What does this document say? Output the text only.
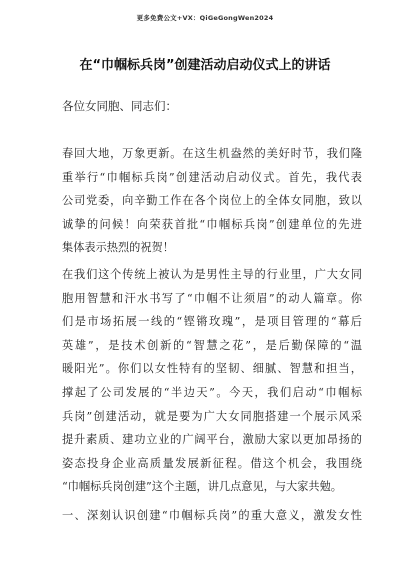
更多免费公文+VX：QiGeGongWen2024
在“巾帼标兵岗”创建活动启动仪式上的讲话
各位女同胞、同志们：
春回大地，万象更新。在这生机盎然的美好时节，我们隆
重举行“巾帼标兵岗”创建活动启动仪式。首先，我代表
公司党委，向辛勤工作在各个岗位上的全体女同胞，致以
诚挚的问候！向荣获首批“巾帼标兵岗”创建单位的先进
集体表示热烈的祝贺！
在我们这个传统上被认为是男性主导的行业里，广大女同
胞用智慧和汗水书写了“巾帼不让须眉”的动人篇章。你
们是市场拓展一线的“铿锵玫瑰”，是项目管理的“幕后
英雄”，是技术创新的“智慧之花”，是后勤保障的“温
暖阳光”。你们以女性特有的坚韧、细腻、智慧和担当，
撑起了公司发展的“半边天”。今天，我们启动“巾帼标
兵岗”创建活动，就是要为广大女同胞搭建一个展示风采
提升素质、建功立业的广阔平台，激励大家以更加昂扬的
姿态投身企业高质量发展新征程。借这个机会，我围绕
“巾帼标兵岗创建”这个主题，讲几点意见，与大家共勉。
一、深刻认识创建“巾帼标兵岗”的重大意义，激发女性
